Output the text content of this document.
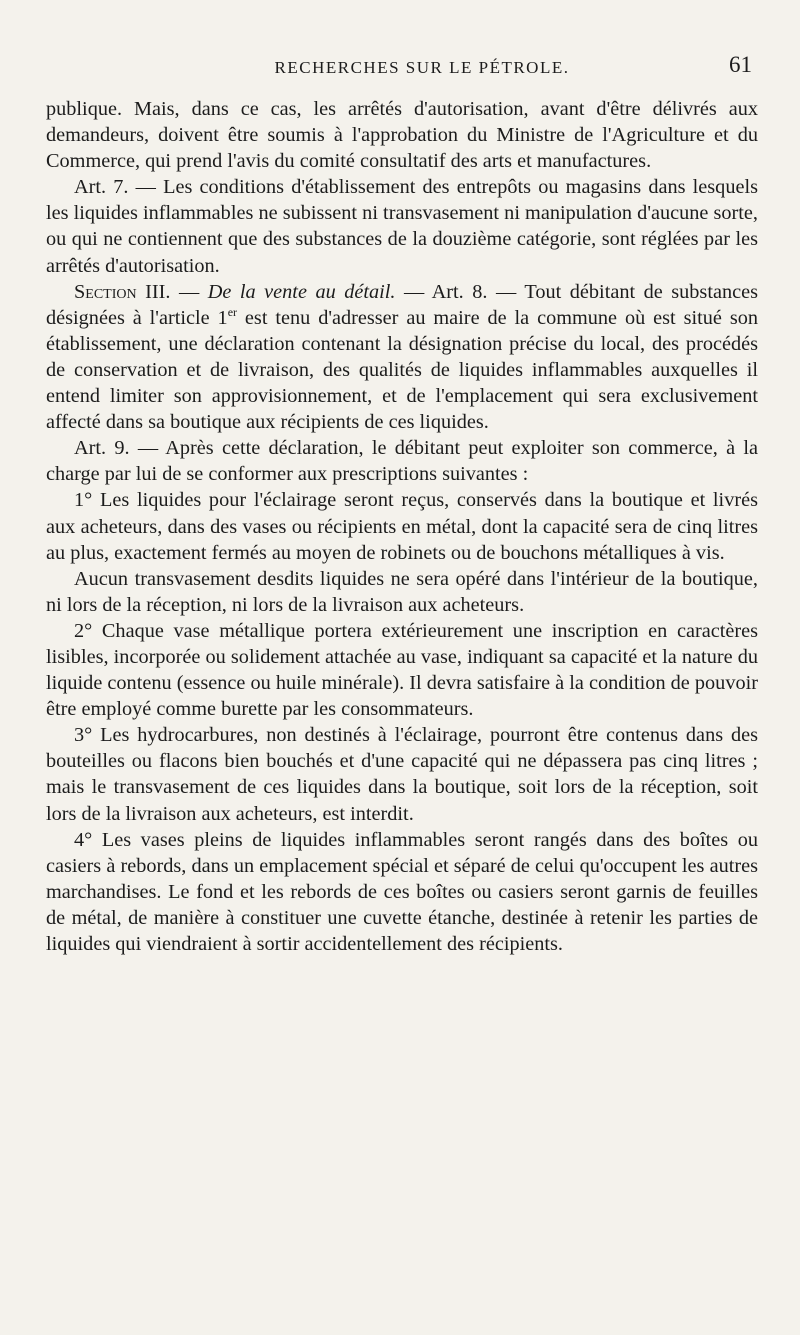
RECHERCHES SUR LE PÉTROLE.	61

publique. Mais, dans ce cas, les arrêtés d'autorisation, avant d'être délivrés aux demandeurs, doivent être soumis à l'approbation du Ministre de l'Agriculture et du Commerce, qui prend l'avis du comité consultatif des arts et manufactures.

Art. 7. — Les conditions d'établissement des entrepôts ou magasins dans lesquels les liquides inflammables ne subissent ni transvasement ni manipulation d'aucune sorte, ou qui ne contiennent que des substances de la douzième catégorie, sont réglées par les arrêtés d'autorisation.

Section III. — De la vente au détail. — Art. 8. — Tout débitant de substances désignées à l'article 1er est tenu d'adresser au maire de la commune où est situé son établissement, une déclaration contenant la désignation précise du local, des procédés de conservation et de livraison, des qualités de liquides inflammables auxquelles il entend limiter son approvisionnement, et de l'emplacement qui sera exclusivement affecté dans sa boutique aux récipients de ces liquides.

Art. 9. — Après cette déclaration, le débitant peut exploiter son commerce, à la charge par lui de se conformer aux prescriptions suivantes :

1° Les liquides pour l'éclairage seront reçus, conservés dans la boutique et livrés aux acheteurs, dans des vases ou récipients en métal, dont la capacité sera de cinq litres au plus, exactement fermés au moyen de robinets ou de bouchons métalliques à vis.

Aucun transvasement desdits liquides ne sera opéré dans l'intérieur de la boutique, ni lors de la réception, ni lors de la livraison aux acheteurs.

2° Chaque vase métallique portera extérieurement une inscription en caractères lisibles, incorporée ou solidement attachée au vase, indiquant sa capacité et la nature du liquide contenu (essence ou huile minérale). Il devra satisfaire à la condition de pouvoir être employé comme burette par les consommateurs.

3° Les hydrocarbures, non destinés à l'éclairage, pourront être contenus dans des bouteilles ou flacons bien bouchés et d'une capacité qui ne dépassera pas cinq litres ; mais le transvasement de ces liquides dans la boutique, soit lors de la réception, soit lors de la livraison aux acheteurs, est interdit.

4° Les vases pleins de liquides inflammables seront rangés dans des boîtes ou casiers à rebords, dans un emplacement spécial et séparé de celui qu'occupent les autres marchandises. Le fond et les rebords de ces boîtes ou casiers seront garnis de feuilles de métal, de manière à constituer une cuvette étanche, destinée à retenir les parties de liquides qui viendraient à sortir accidentellement des récipients.
